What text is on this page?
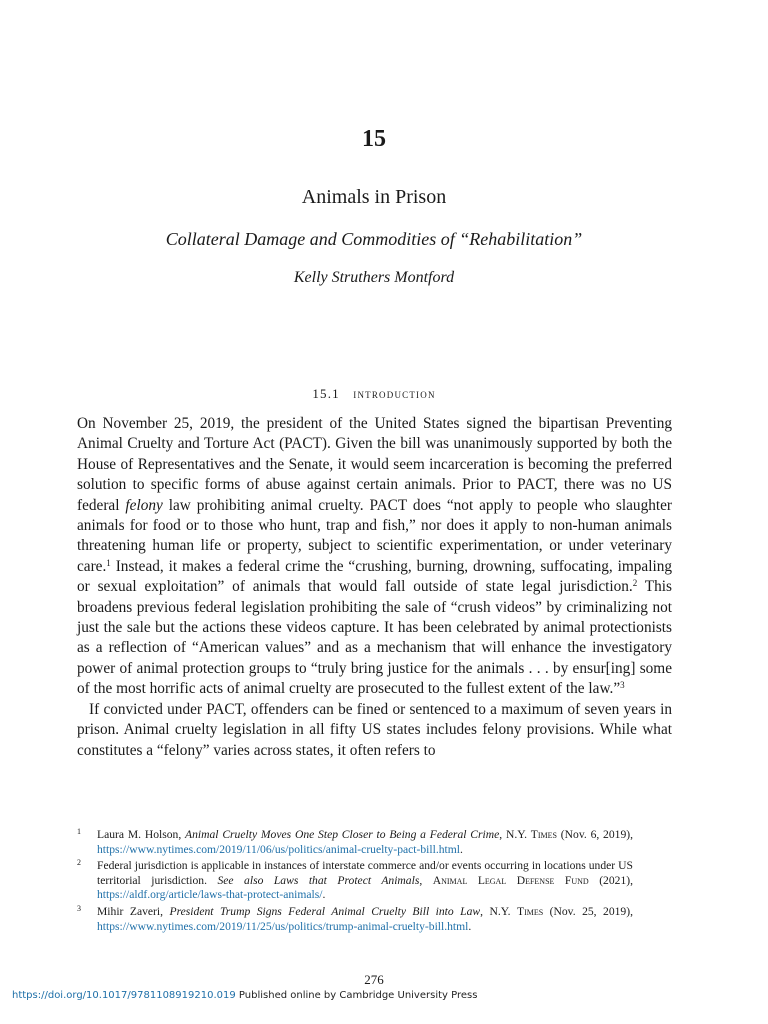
15
Animals in Prison
Collateral Damage and Commodities of “Rehabilitation”
Kelly Struthers Montford
15.1 introduction

On November 25, 2019, the president of the United States signed the bipartisan Preventing Animal Cruelty and Torture Act (PACT). Given the bill was unanimously supported by both the House of Representatives and the Senate, it would seem incarceration is becoming the preferred solution to specific forms of abuse against certain animals. Prior to PACT, there was no US federal felony law prohibiting animal cruelty. PACT does “not apply to people who slaughter animals for food or to those who hunt, trap and fish,” nor does it apply to non-human animals threatening human life or property, subject to scientific experimentation, or under veterinary care.$^1$ Instead, it makes a federal crime the “crushing, burning, drowning, suffocating, impaling or sexual exploitation” of animals that would fall outside of state legal jurisdiction.$^2$ This broadens previous federal legislation prohibiting the sale of “crush videos” by criminalizing not just the sale but the actions these videos capture. It has been celebrated by animal protectionists as a reflection of “American values” and as a mechanism that will enhance the investigatory power of animal protection groups to “truly bring justice for the animals . . . by ensur[ing] some of the most horrific acts of animal cruelty are prosecuted to the fullest extent of the law.”$^3$

If convicted under PACT, offenders can be fined or sentenced to a maximum of seven years in prison. Animal cruelty legislation in all fifty US states includes felony provisions. While what constitutes a “felony” varies across states, it often refers to

1 Laura M. Holson, Animal Cruelty Moves One Step Closer to Being a Federal Crime, N.Y. Times (Nov. 6, 2019), https://www.nytimes.com/2019/11/06/us/politics/animal-cruelty-pact-bill.html.
2 Federal jurisdiction is applicable in instances of interstate commerce and/or events occurring in locations under US territorial jurisdiction. See also Laws that Protect Animals, Animal Legal Defense Fund (2021), https://aldf.org/article/laws-that-protect-animals/.
3 Mihir Zaveri, President Trump Signs Federal Animal Cruelty Bill into Law, N.Y. Times (Nov. 25, 2019), https://www.nytimes.com/2019/11/25/us/politics/trump-animal-cruelty-bill.html.
276
https://doi.org/10.1017/9781108919210.019 Published online by Cambridge University Press
